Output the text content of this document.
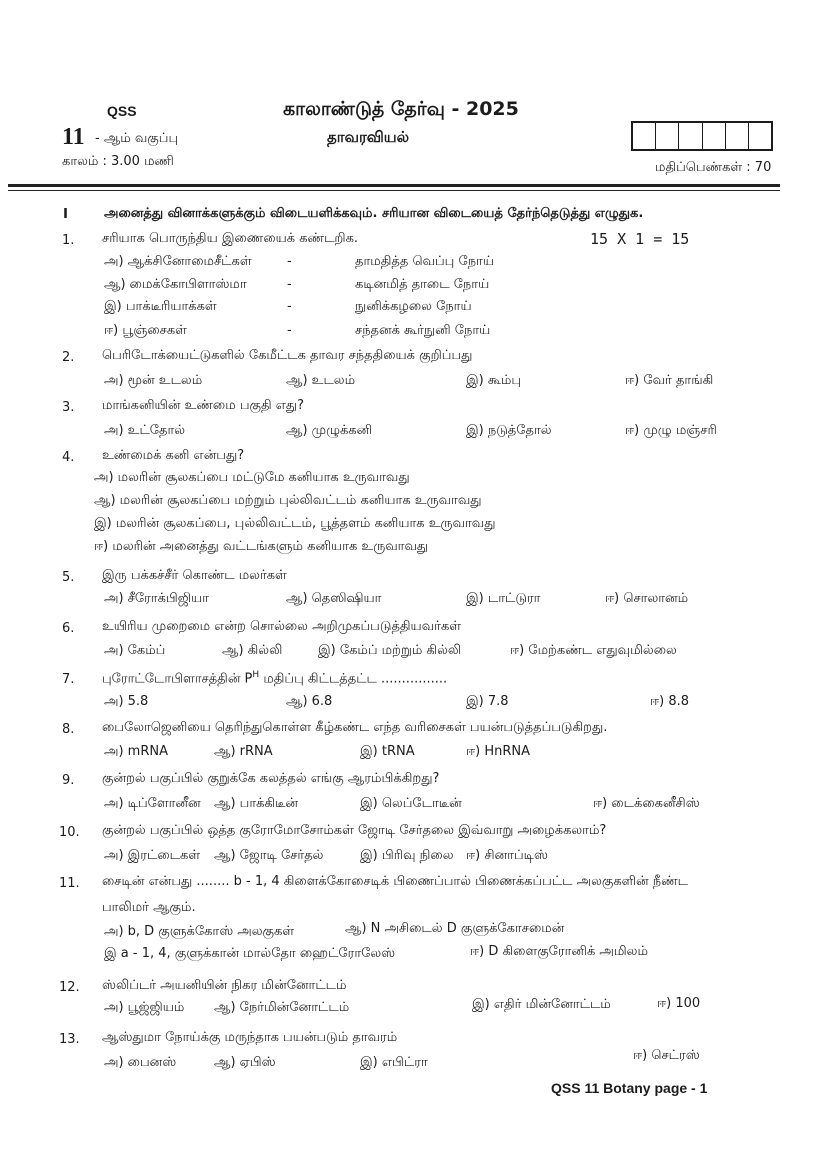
QSS	காலாண்டுத் தேர்வு - 2025
11 - ஆம் வகுப்பு	தாவரவியல்
காலம் : 3.00 மணி	மதிப்பெண்கள் : 70
I	அனைத்து வினாக்களுக்கும் விடையளிக்கவும். சரியான விடையைத் தேர்ந்தெடுத்து எழுதுக.
15 X 1 = 15
1. சரியாக பொருந்திய இணையைக் கண்டறிக.
அ) ஆக்சினோமைசீட்கள்	-	தாமதித்த வெப்பு நோய்
ஆ) மைக்கோபிளாஸ்மா	-	கடினமித் தாடை நோய்
இ) பாக்டீரியாக்கள்	-	நுனிக்கழலை நோய்
ஈ) பூஞ்சைகள்	-	சந்தனக் கூர்நுனி நோய்
2. பெரிடோக்யைட்டுகளில் கேமீட்டக தாவர சந்ததியைக் குறிப்பது
அ) மூன் உடலம்	ஆ) உடலம்	இ) கூம்பு	ஈ) வேர் தாங்கி
3. மாங்கனியின் உண்மை பகுதி எது?
அ) உட்தோல்	ஆ) முழுக்கனி	இ) நடுத்தோல்	ஈ) முழு மஞ்சரி
4. உண்மைக் கனி என்பது?
அ) மலரின் சூலகப்பை மட்டுமே கனியாக உருவாவது
ஆ) மலரின் சூலகப்பை மற்றும் புல்லிவட்டம் கனியாக உருவாவது
இ) மலரின் சூலகப்பை, புல்லிவட்டம், பூத்தளம் கனியாக உருவாவது
ஈ) மலரின் அனைத்து வட்டங்களும் கனியாக உருவாவது
5. இரு பக்கச்சீர் கொண்ட மலர்கள்
அ) சீரோக்பிஜியா	ஆ) தெஸிஷியா	இ) டாட்டுரா	ஈ) சொலானம்
6. உயிரிய முறைமை என்ற சொல்லை அறிமுகப்படுத்தியவர்கள்
அ) கேம்ப்	ஆ) கில்லி	இ) கேம்ப் மற்றும் கில்லி	ஈ) மேற்கண்ட எதுவுமில்லை
7. புரோட்டோபிளாசத்தின் $P^H$ மதிப்பு கிட்டத்தட்ட ................
அ) 5.8	ஆ) 6.8	இ) 7.8	ஈ) 8.8
8. பைலோஜெனியை தெரிந்துகொள்ள கீழ்கண்ட எந்த வரிசைகள் பயன்படுத்தப்படுகிறது.
அ) mRNA	ஆ) rRNA	இ) tRNA	ஈ) HnRNA
9. குன்றல் பகுப்பில் குறுக்கே கலத்தல் எங்கு ஆரம்பிக்கிறது?
அ) டிப்ளோனீன ஆ) பாக்கிடீன்	இ) லெப்டோடீன்	ஈ) டைக்கைனீசிஸ்
10. குன்றல் பகுப்பில் ஒத்த குரோமோசோம்கள் ஜோடி சேர்தலை இவ்வாறு அழைக்கலாம்?
அ) இரட்டைகள் ஆ) ஜோடி சேர்தல்	இ) பிரிவு நிலை ஈ) சினாப்டிஸ்
11. சைடின் என்பது ........ b - 1, 4 கிளைக்கோசைடிக் பிணைப்பால் பிணைக்கப்பட்ட அலகுகளின் நீண்ட
பாலிமர் ஆகும்.
அ) b, D குளுக்கோஸ் அலகுகள்	ஆ) N அசிடைல் D குளுக்கோசமைன்
இ a - 1, 4, குளுக்கான் மால்தோ ஹைட்ரோலேஸ்	ஈ) D கிளைகுரோனிக் அமிலம்
12. ஸ்லிப்டர் அயனியின் நிகர மின்னோட்டம்
அ) பூஜ்ஜியம் ஆ) நேர்மின்னோட்டம்	இ) எதிர் மின்னோட்டம்	ஈ) 100
13. ஆஸ்துமா நோய்க்கு மருந்தாக பயன்படும் தாவரம்
அ) பைனஸ்	ஆ) ஏபிஸ்	இ) எபிட்ரா	ஈ) செட்ரஸ்
QSS 11 Botany page - 1
